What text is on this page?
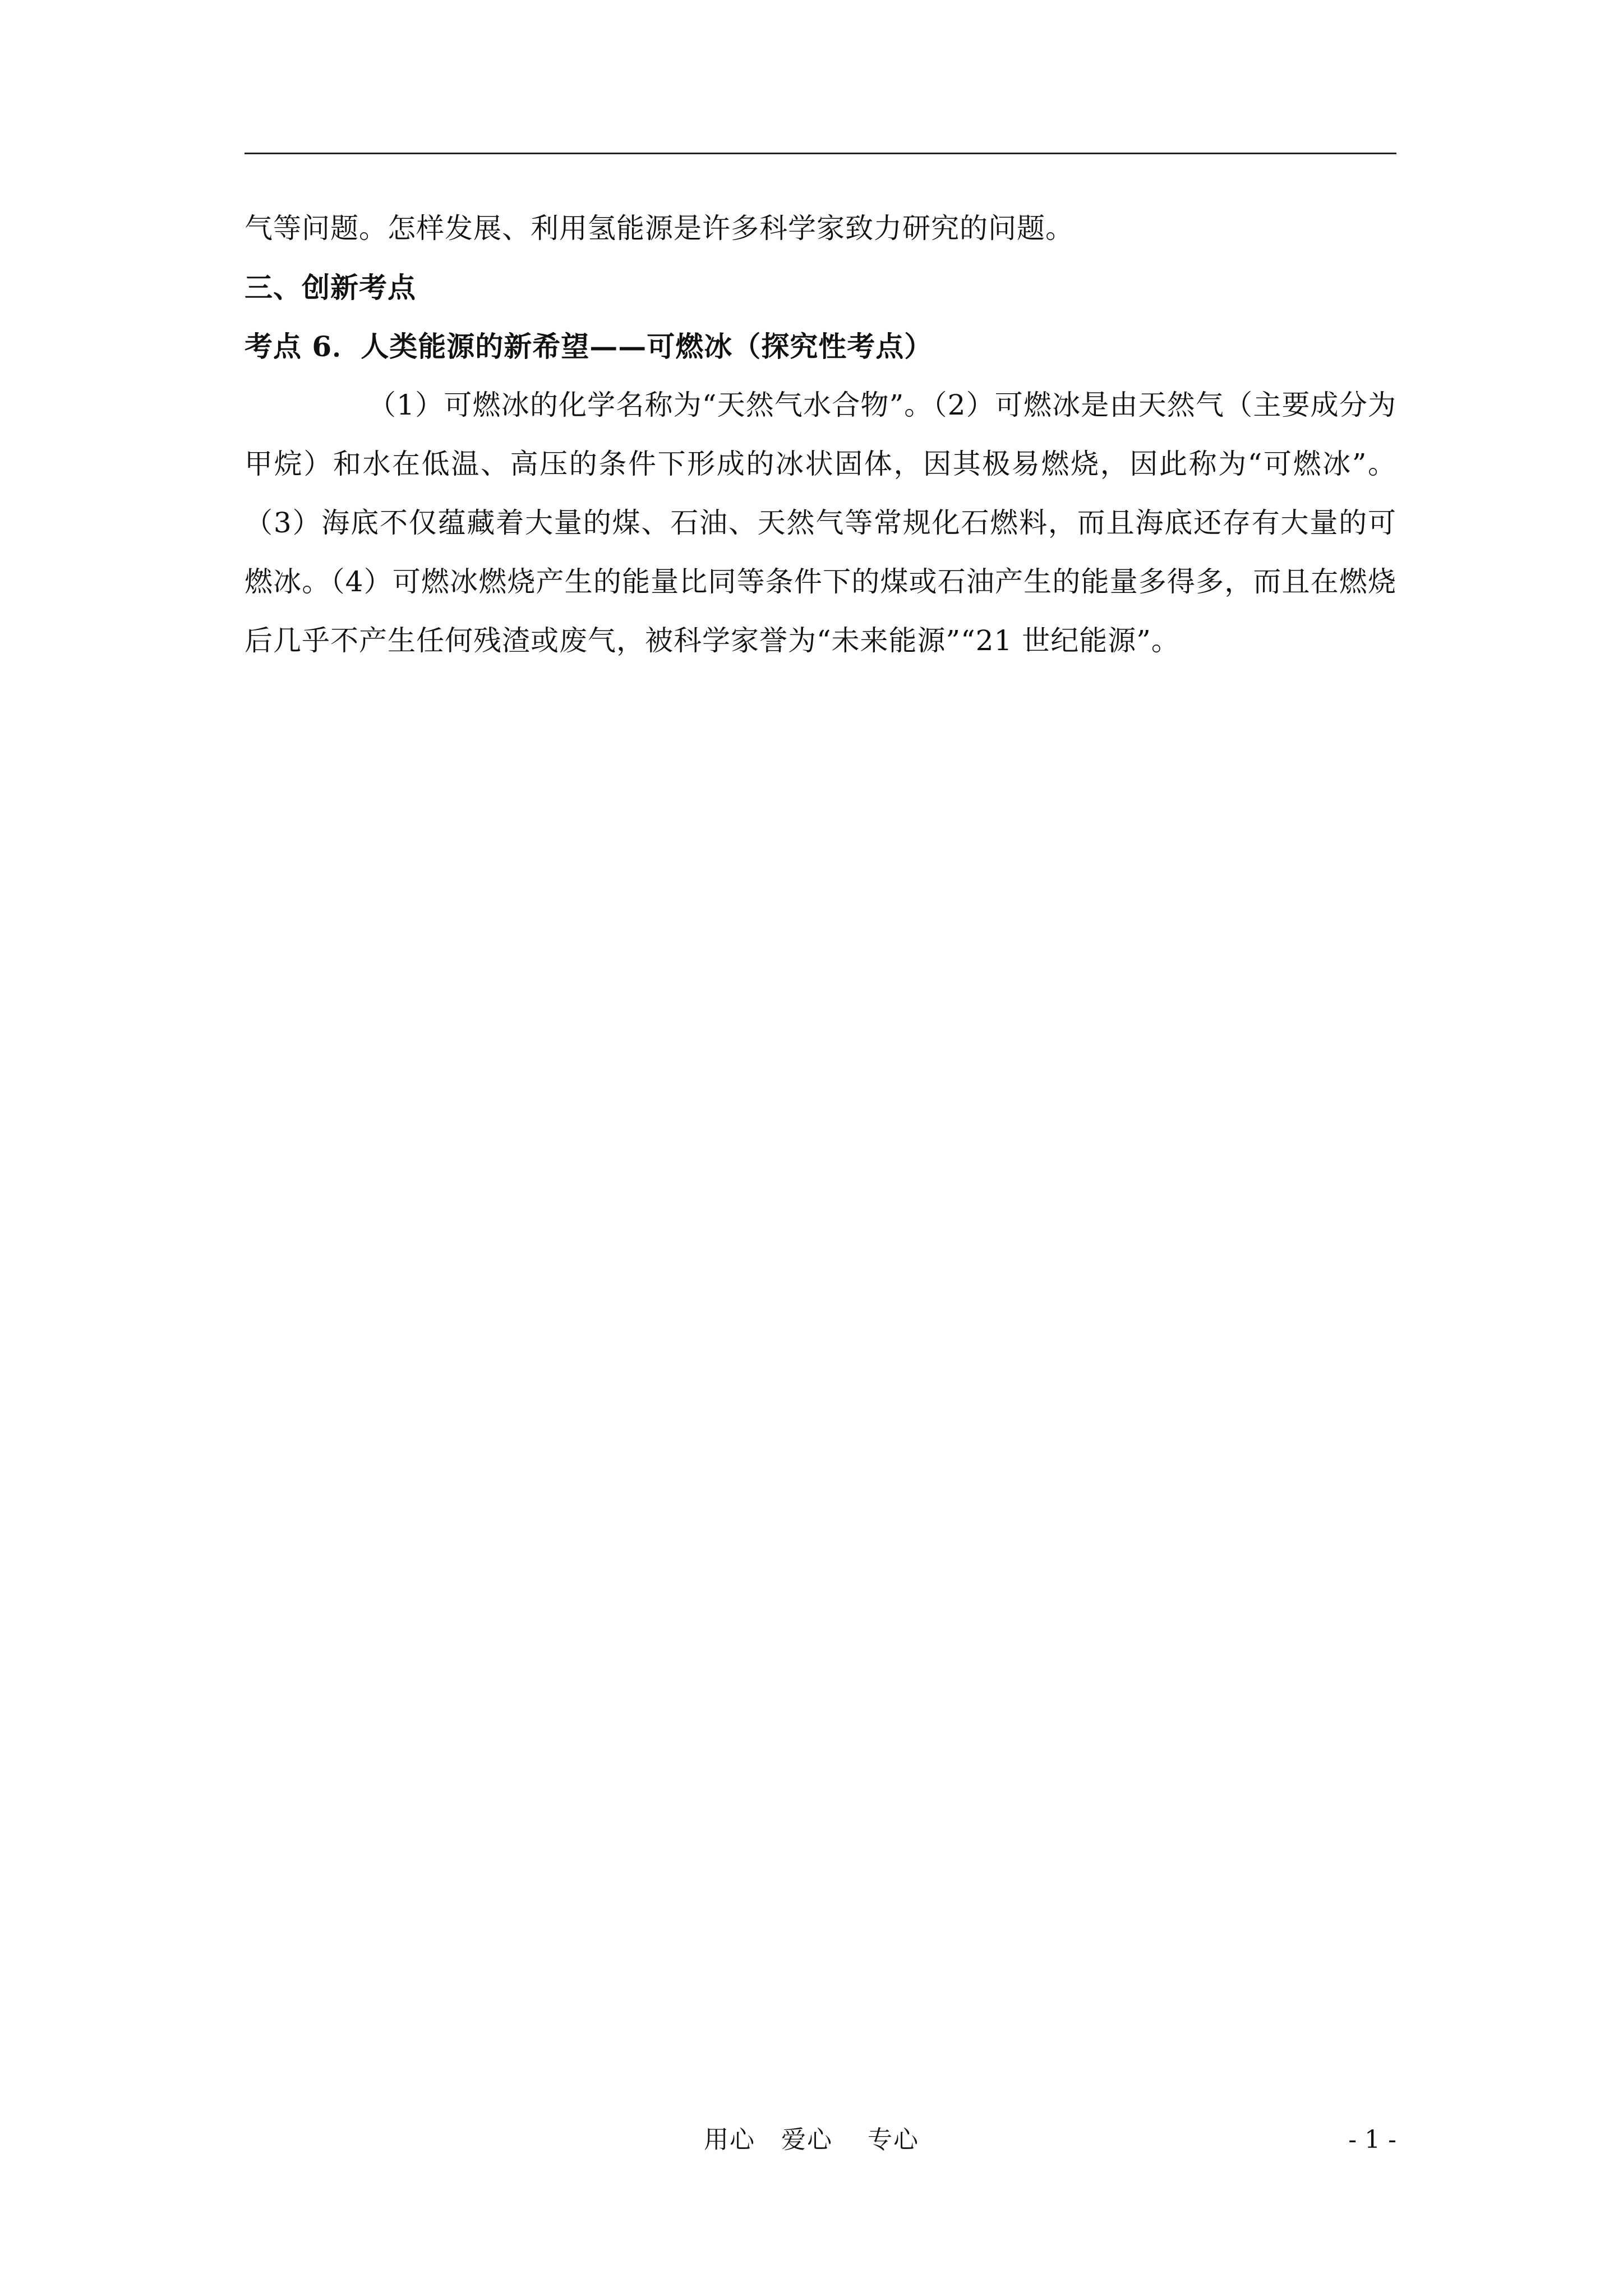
气等问题。怎样发展、利用氢能源是许多科学家致力研究的问题。
三、创新考点
考点 6．人类能源的新希望——可燃冰（探究性考点）

（1）可燃冰的化学名称为“天然气水合物”。（2）可燃冰是由天然气（主要成分为甲烷）和水在低温、高压的条件下形成的冰状固体，因其极易燃烧，因此称为“可燃冰”。（3）海底不仅蕴藏着大量的煤、石油、天然气等常规化石燃料，而且海底还存有大量的可燃冰。（4）可燃冰燃烧产生的能量比同等条件下的煤或石油产生的能量多得多，而且在燃烧后几乎不产生任何残渣或废气，被科学家誉为“未来能源”“21 世纪能源”。

用心　爱心　 专心	- 1 -
